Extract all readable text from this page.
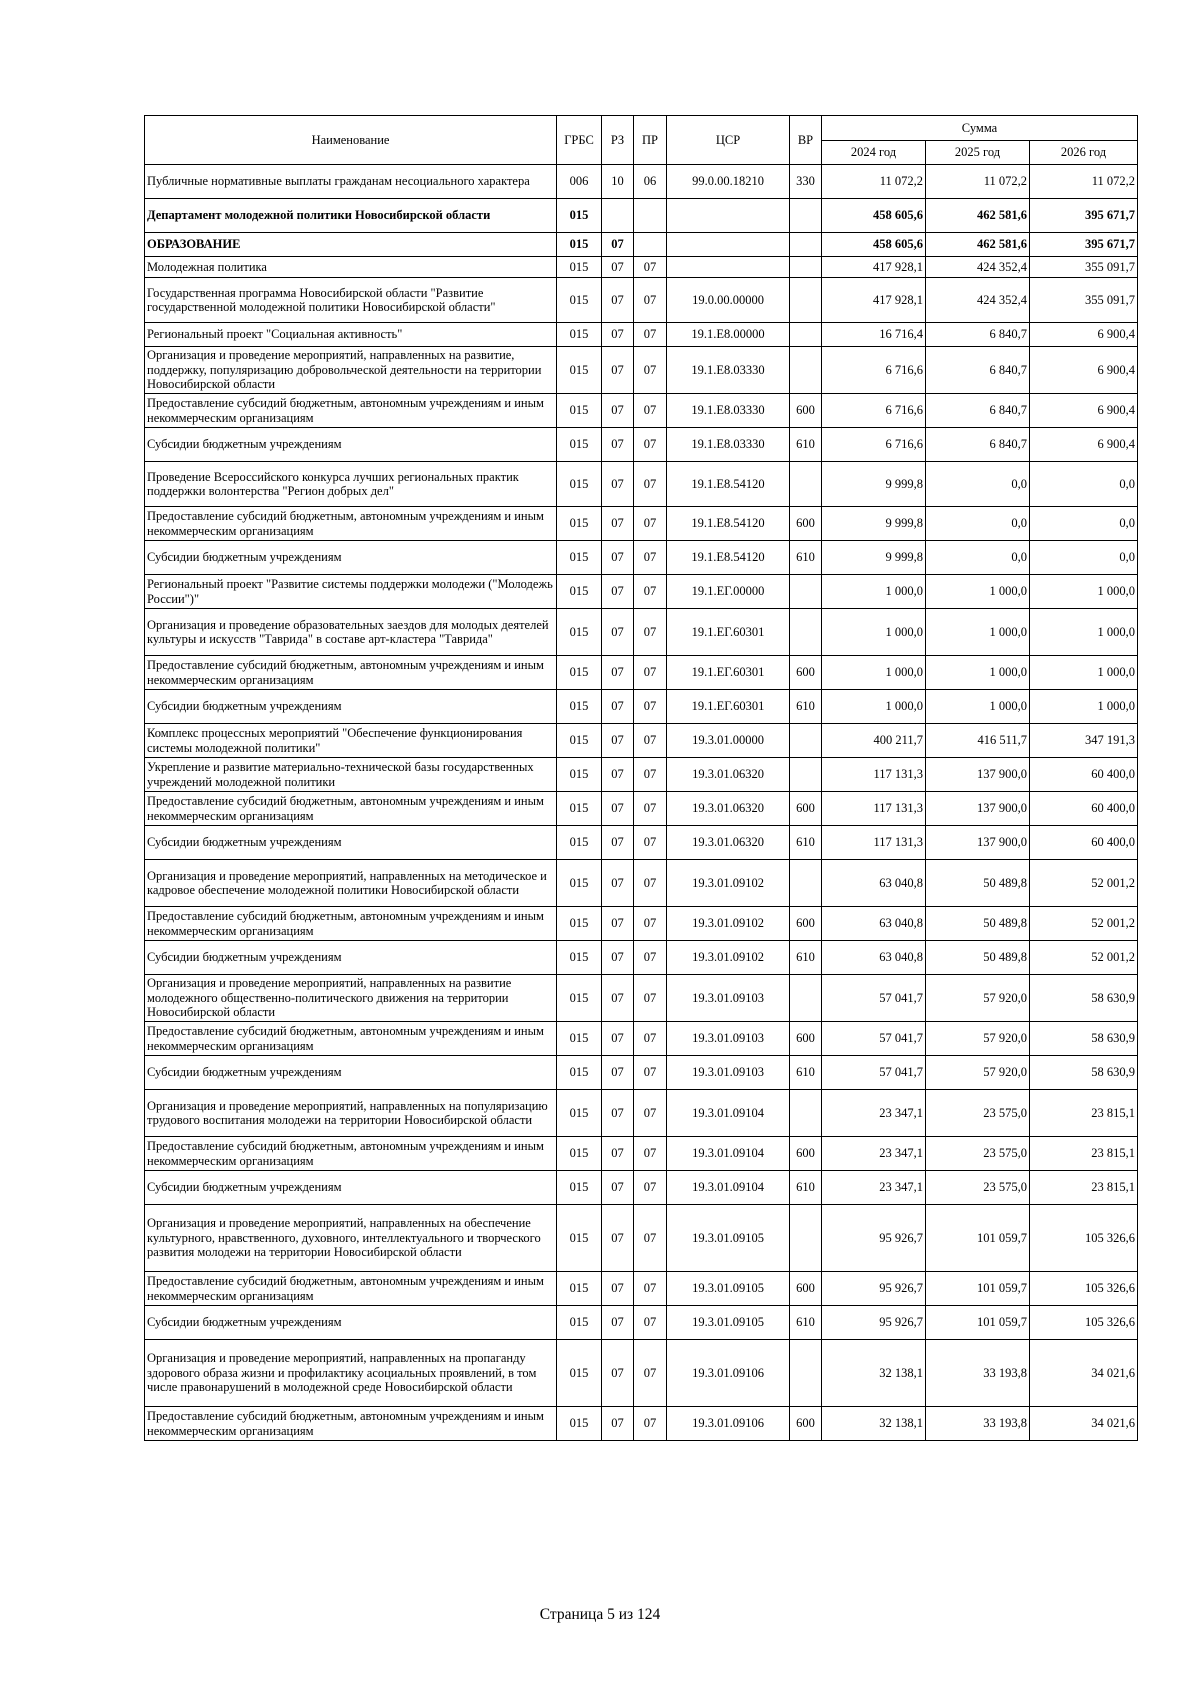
Наименование	ГРБС	РЗ	ПР	ЦСР	ВР	Сумма		
						2024 год	2025 год	2026 год
Публичные нормативные выплаты гражданам несоциального характера	006	10	06	99.0.00.18210	330	11 072,2	11 072,2	11 072,2
Департамент молодежной политики Новосибирской области	015					458 605,6	462 581,6	395 671,7
ОБРАЗОВАНИЕ	015	07				458 605,6	462 581,6	395 671,7
Молодежная политика	015	07	07			417 928,1	424 352,4	355 091,7
Государственная программа Новосибирской области "Развитие государственной молодежной политики Новосибирской области"	015	07	07	19.0.00.00000		417 928,1	424 352,4	355 091,7
Региональный проект "Социальная активность"	015	07	07	19.1.E8.00000		16 716,4	6 840,7	6 900,4
Организация и проведение мероприятий, направленных на развитие, поддержку, популяризацию добровольческой деятельности на территории Новосибирской области	015	07	07	19.1.E8.03330		6 716,6	6 840,7	6 900,4
Предоставление субсидий бюджетным, автономным учреждениям и иным некоммерческим организациям	015	07	07	19.1.E8.03330	600	6 716,6	6 840,7	6 900,4
Субсидии бюджетным учреждениям	015	07	07	19.1.E8.03330	610	6 716,6	6 840,7	6 900,4
Проведение Всероссийского конкурса лучших региональных практик поддержки волонтерства "Регион добрых дел"	015	07	07	19.1.E8.54120		9 999,8	0,0	0,0
Предоставление субсидий бюджетным, автономным учреждениям и иным некоммерческим организациям	015	07	07	19.1.E8.54120	600	9 999,8	0,0	0,0
Субсидии бюджетным учреждениям	015	07	07	19.1.E8.54120	610	9 999,8	0,0	0,0
Региональный проект "Развитие системы поддержки молодежи ("Молодежь России")"	015	07	07	19.1.EГ.00000		1 000,0	1 000,0	1 000,0
Организация и проведение образовательных заездов для молодых деятелей культуры и искусств "Таврида" в составе арт-кластера "Таврида"	015	07	07	19.1.EГ.60301		1 000,0	1 000,0	1 000,0
Предоставление субсидий бюджетным, автономным учреждениям и иным некоммерческим организациям	015	07	07	19.1.EГ.60301	600	1 000,0	1 000,0	1 000,0
Субсидии бюджетным учреждениям	015	07	07	19.1.EГ.60301	610	1 000,0	1 000,0	1 000,0
Комплекс процессных мероприятий "Обеспечение функционирования системы молодежной политики"	015	07	07	19.3.01.00000		400 211,7	416 511,7	347 191,3
Укрепление и развитие материально-технической базы государственных учреждений молодежной политики	015	07	07	19.3.01.06320		117 131,3	137 900,0	60 400,0
Предоставление субсидий бюджетным, автономным учреждениям и иным некоммерческим организациям	015	07	07	19.3.01.06320	600	117 131,3	137 900,0	60 400,0
Субсидии бюджетным учреждениям	015	07	07	19.3.01.06320	610	117 131,3	137 900,0	60 400,0
Организация и проведение мероприятий, направленных на методическое и кадровое обеспечение молодежной политики Новосибирской области	015	07	07	19.3.01.09102		63 040,8	50 489,8	52 001,2
Предоставление субсидий бюджетным, автономным учреждениям и иным некоммерческим организациям	015	07	07	19.3.01.09102	600	63 040,8	50 489,8	52 001,2
Субсидии бюджетным учреждениям	015	07	07	19.3.01.09102	610	63 040,8	50 489,8	52 001,2
Организация и проведение мероприятий, направленных на развитие молодежного общественно-политического движения на территории Новосибирской области	015	07	07	19.3.01.09103		57 041,7	57 920,0	58 630,9
Предоставление субсидий бюджетным, автономным учреждениям и иным некоммерческим организациям	015	07	07	19.3.01.09103	600	57 041,7	57 920,0	58 630,9
Субсидии бюджетным учреждениям	015	07	07	19.3.01.09103	610	57 041,7	57 920,0	58 630,9
Организация и проведение мероприятий, направленных на популяризацию трудового воспитания молодежи на территории Новосибирской области	015	07	07	19.3.01.09104		23 347,1	23 575,0	23 815,1
Предоставление субсидий бюджетным, автономным учреждениям и иным некоммерческим организациям	015	07	07	19.3.01.09104	600	23 347,1	23 575,0	23 815,1
Субсидии бюджетным учреждениям	015	07	07	19.3.01.09104	610	23 347,1	23 575,0	23 815,1
Организация и проведение мероприятий, направленных на обеспечение культурного, нравственного, духовного, интеллектуального и творческого развития молодежи на территории Новосибирской области	015	07	07	19.3.01.09105		95 926,7	101 059,7	105 326,6
Предоставление субсидий бюджетным, автономным учреждениям и иным некоммерческим организациям	015	07	07	19.3.01.09105	600	95 926,7	101 059,7	105 326,6
Субсидии бюджетным учреждениям	015	07	07	19.3.01.09105	610	95 926,7	101 059,7	105 326,6
Организация и проведение мероприятий, направленных на пропаганду здорового образа жизни и профилактику асоциальных проявлений, в том числе правонарушений в молодежной среде Новосибирской области	015	07	07	19.3.01.09106		32 138,1	33 193,8	34 021,6
Предоставление субсидий бюджетным, автономным учреждениям и иным некоммерческим организациям	015	07	07	19.3.01.09106	600	32 138,1	33 193,8	34 021,6
Страница 5 из 124
